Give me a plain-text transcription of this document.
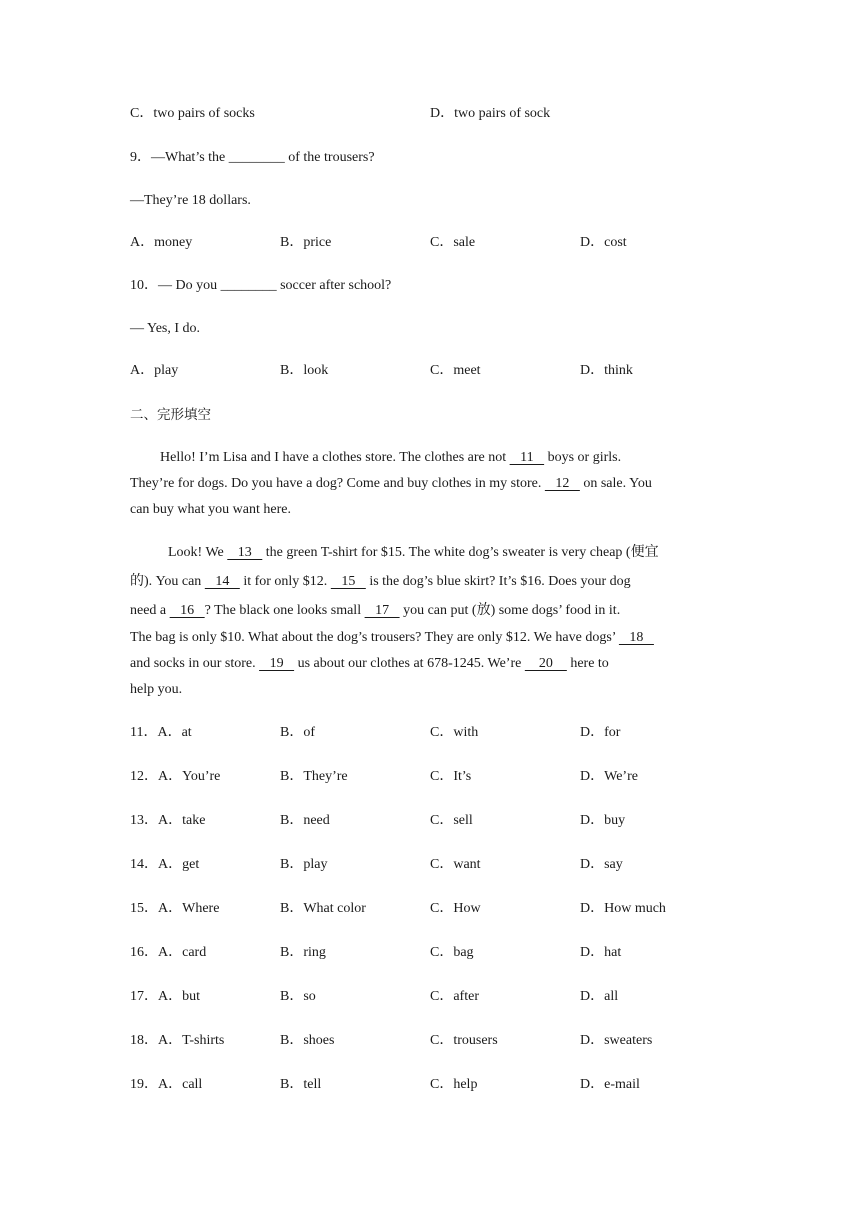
C．two pairs of socks	D．two pairs of sock
9．—What’s the ________ of the trousers?
—They’re 18 dollars.
A．money	B．price	C．sale	D．cost
10．— Do you ________ soccer after school?
— Yes, I do.
A．play	B．look	C．meet	D．think
二、完形填空
Hello! I’m Lisa and I have a clothes store. The clothes are not    11    boys or girls.
They’re for dogs. Do you have a dog? Come and buy clothes in my store.    12    on sale. You
can buy what you want here.
Look! We    13    the green T-shirt for $15. The white dog’s sweater is very cheap (便宜
的). You can    14    it for only $12.    15    is the dog’s blue skirt? It’s $16. Does your dog
need a    16   ? The black one looks small    17    you can put (放) some dogs’ food in it.
The bag is only $10. What about the dog’s trousers? They are only $12. We have dogs’    18
and socks in our store.    19    us about our clothes at 678-1245. We’re     20     here to
help you.
11．A．at	B．of	C．with	D．for
12．A．You’re	B．They’re	C．It’s	D．We’re
13．A．take	B．need	C．sell	D．buy
14．A．get	B．play	C．want	D．say
15．A．Where	B．What color	C．How	D．How much
16．A．card	B．ring	C．bag	D．hat
17．A．but	B．so	C．after	D．all
18．A．T-shirts	B．shoes	C．trousers	D．sweaters
19．A．call	B．tell	C．help	D．e-mail
